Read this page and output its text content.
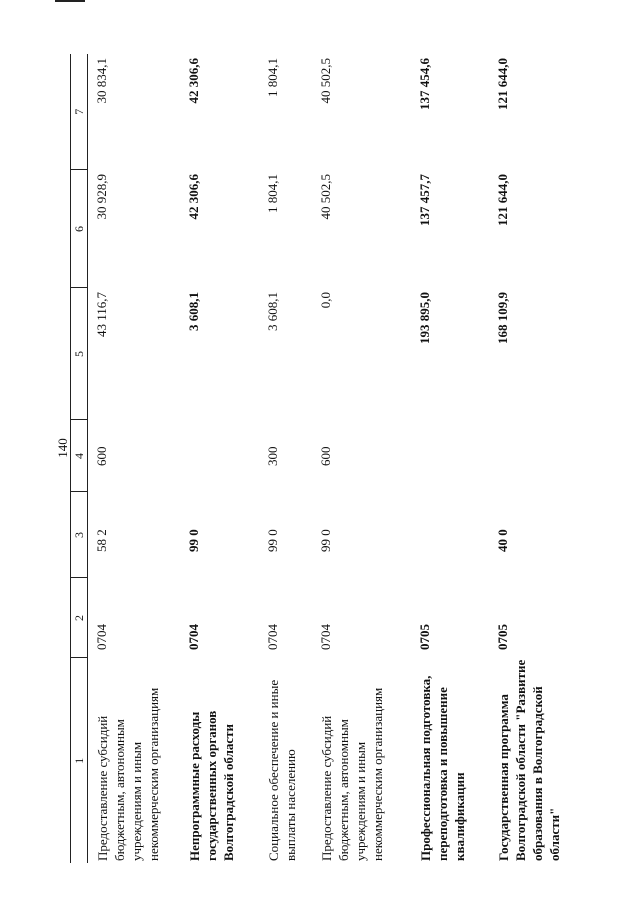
140
1	2	3	4	5	6	7
Предоставление субсидий бюджетным, автономным учреждениям и иным некоммерческим организациям	0704	58 2	600	43 116,7	30 928,9	30 834,1
Непрограммные расходы государственных органов Волгоградской области	0704	99 0		3 608,1	42 306,6	42 306,6
Социальное обеспечение и иные выплаты населению	0704	99 0	300	3 608,1	1 804,1	1 804,1
Предоставление субсидий бюджетным, автономным учреждениям и иным некоммерческим организациям	0704	99 0	600	0,0	40 502,5	40 502,5
Профессиональная подготовка, переподготовка и повышение квалификации	0705			193 895,0	137 457,7	137 454,6
Государственная программа Волгоградской области "Развитие образования в Волгоградской области"	0705	40 0		168 109,9	121 644,0	121 644,0
